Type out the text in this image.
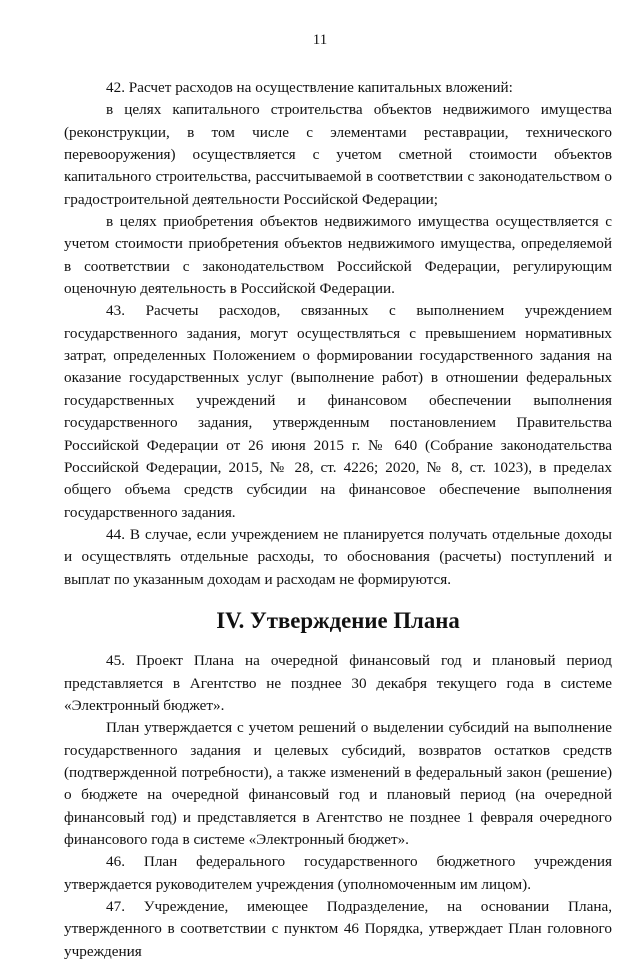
11

42. Расчет расходов на осуществление капитальных вложений:

в целях капитального строительства объектов недвижимого имущества (реконструкции, в том числе с элементами реставрации, технического перевооружения) осуществляется с учетом сметной стоимости объектов капитального строительства, рассчитываемой в соответствии с законодательством о градостроительной деятельности Российской Федерации;

в целях приобретения объектов недвижимого имущества осуществляется с учетом стоимости приобретения объектов недвижимого имущества, определяемой в соответствии с законодательством Российской Федерации, регулирующим оценочную деятельность в Российской Федерации.

43. Расчеты расходов, связанных с выполнением учреждением государственного задания, могут осуществляться с превышением нормативных затрат, определенных Положением о формировании государственного задания на оказание государственных услуг (выполнение работ) в отношении федеральных государственных учреждений и финансовом обеспечении выполнения государственного задания, утвержденным постановлением Правительства Российской Федерации от 26 июня 2015 г. № 640 (Собрание законодательства Российской Федерации, 2015, № 28, ст. 4226; 2020, № 8, ст. 1023), в пределах общего объема средств субсидии на финансовое обеспечение выполнения государственного задания.

44. В случае, если учреждением не планируется получать отдельные доходы и осуществлять отдельные расходы, то обоснования (расчеты) поступлений и выплат по указанным доходам и расходам не формируются.

IV. Утверждение Плана

45. Проект Плана на очередной финансовый год и плановый период представляется в Агентство не позднее 30 декабря текущего года в системе «Электронный бюджет».

План утверждается с учетом решений о выделении субсидий на выполнение государственного задания и целевых субсидий, возвратов остатков средств (подтвержденной потребности), а также изменений в федеральный закон (решение) о бюджете на очередной финансовый год и плановый период (на очередной финансовый год) и представляется в Агентство не позднее 1 февраля очередного финансового года в системе «Электронный бюджет».

46. План федерального государственного бюджетного учреждения утверждается руководителем учреждения (уполномоченным им лицом).

47. Учреждение, имеющее Подразделение, на основании Плана, утвержденного в соответствии с пунктом 46 Порядка, утверждает План головного учреждения
